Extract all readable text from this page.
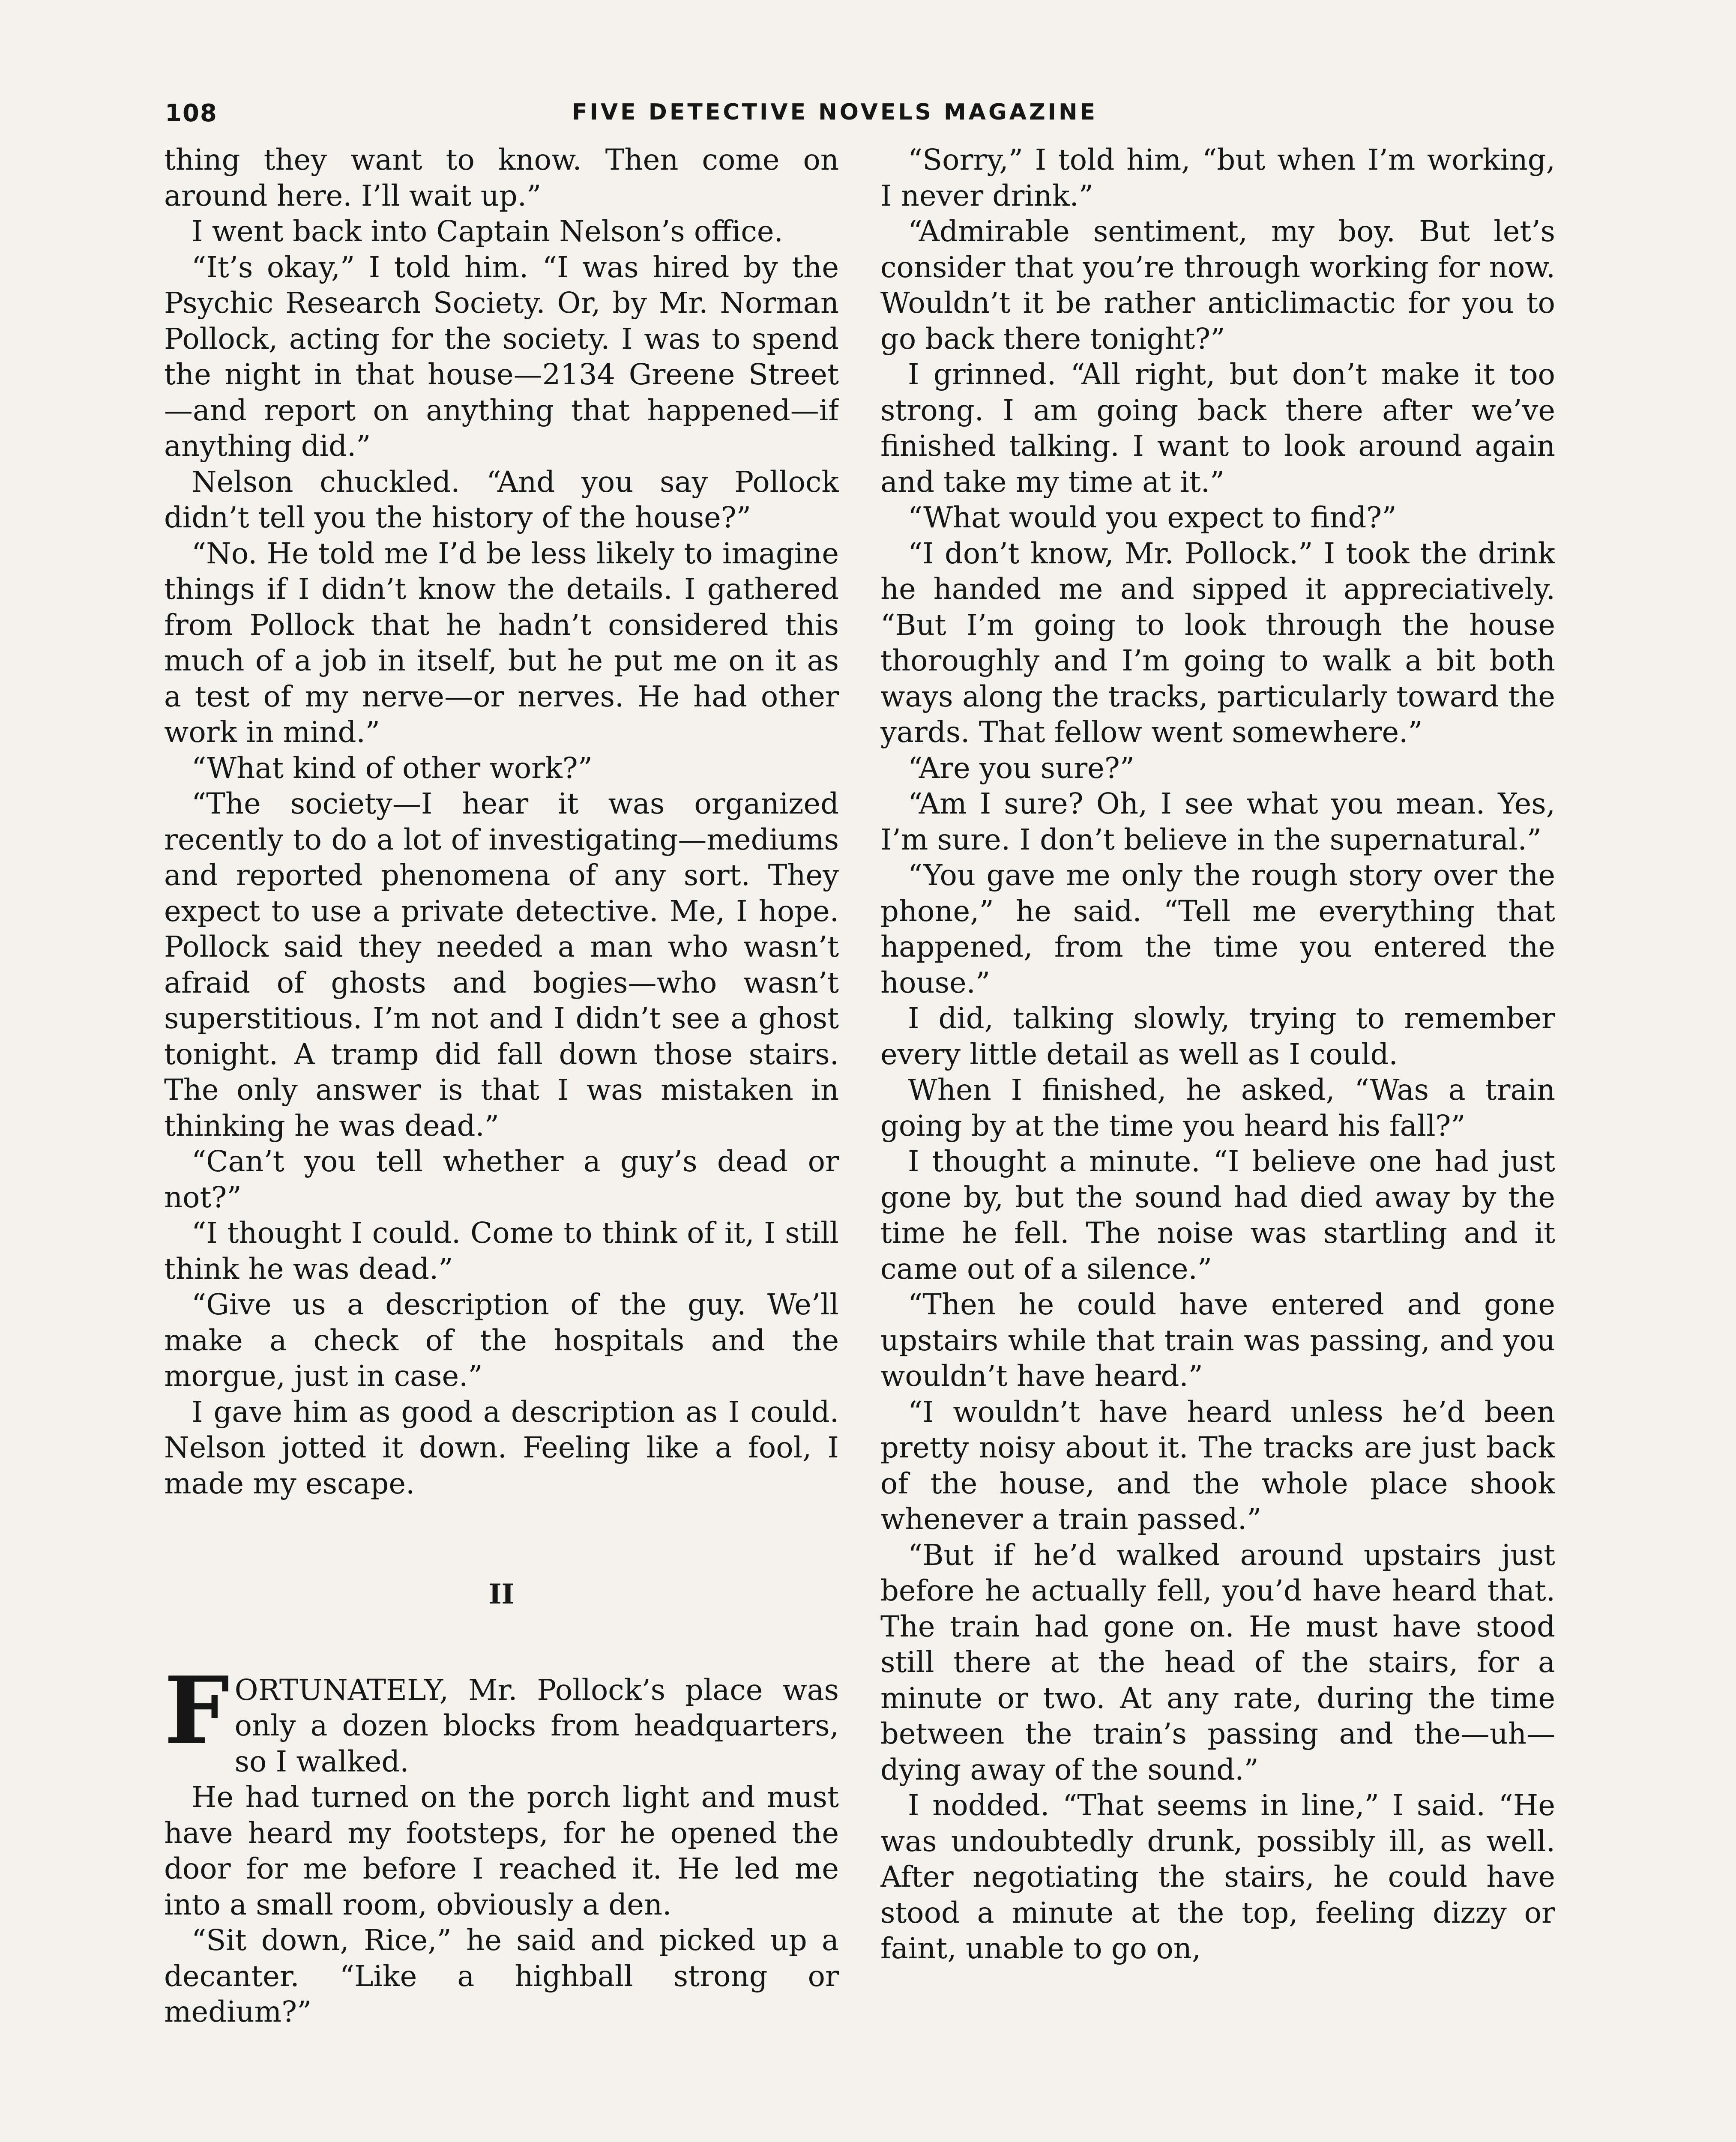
108	FIVE DETECTIVE NOVELS MAGAZINE

thing they want to know. Then come on around here. I’ll wait up.”

I went back into Captain Nelson’s office.

“It’s okay,” I told him. “I was hired by the Psychic Research Society. Or, by Mr. Norman Pollock, acting for the society. I was to spend the night in that house—2134 Greene Street—and report on anything that happened—if anything did.”

Nelson chuckled. “And you say Pollock didn’t tell you the history of the house?”

“No. He told me I’d be less likely to imagine things if I didn’t know the details. I gathered from Pollock that he hadn’t considered this much of a job in itself, but he put me on it as a test of my nerve—or nerves. He had other work in mind.”

“What kind of other work?”

“The society—I hear it was organized recently to do a lot of investigating—mediums and reported phenomena of any sort. They expect to use a private detective. Me, I hope. Pollock said they needed a man who wasn’t afraid of ghosts and bogies—who wasn’t superstitious. I’m not and I didn’t see a ghost tonight. A tramp did fall down those stairs. The only answer is that I was mistaken in thinking he was dead.”

“Can’t you tell whether a guy’s dead or not?”

“I thought I could. Come to think of it, I still think he was dead.”

“Give us a description of the guy. We’ll make a check of the hospitals and the morgue, just in case.”

I gave him as good a description as I could. Nelson jotted it down. Feeling like a fool, I made my escape.

II

FORTUNATELY, Mr. Pollock’s place was only a dozen blocks from headquarters, so I walked.

He had turned on the porch light and must have heard my footsteps, for he opened the door for me before I reached it. He led me into a small room, obviously a den.

“Sit down, Rice,” he said and picked up a decanter. “Like a highball strong or medium?”

“Sorry,” I told him, “but when I’m working, I never drink.”

“Admirable sentiment, my boy. But let’s consider that you’re through working for now. Wouldn’t it be rather anticlimactic for you to go back there tonight?”

I grinned. “All right, but don’t make it too strong. I am going back there after we’ve finished talking. I want to look around again and take my time at it.”

“What would you expect to find?”

“I don’t know, Mr. Pollock.” I took the drink he handed me and sipped it appreciatively. “But I’m going to look through the house thoroughly and I’m going to walk a bit both ways along the tracks, particularly toward the yards. That fellow went somewhere.”

“Are you sure?”

“Am I sure? Oh, I see what you mean. Yes, I’m sure. I don’t believe in the supernatural.”

“You gave me only the rough story over the phone,” he said. “Tell me everything that happened, from the time you entered the house.”

I did, talking slowly, trying to remember every little detail as well as I could.

When I finished, he asked, “Was a train going by at the time you heard his fall?”

I thought a minute. “I believe one had just gone by, but the sound had died away by the time he fell. The noise was startling and it came out of a silence.”

“Then he could have entered and gone upstairs while that train was passing, and you wouldn’t have heard.”

“I wouldn’t have heard unless he’d been pretty noisy about it. The tracks are just back of the house, and the whole place shook whenever a train passed.”

“But if he’d walked around upstairs just before he actually fell, you’d have heard that. The train had gone on. He must have stood still there at the head of the stairs, for a minute or two. At any rate, during the time between the train’s passing and the—uh—dying away of the sound.”

I nodded. “That seems in line,” I said. “He was undoubtedly drunk, possibly ill, as well. After negotiating the stairs, he could have stood a minute at the top, feeling dizzy or faint, unable to go on,
